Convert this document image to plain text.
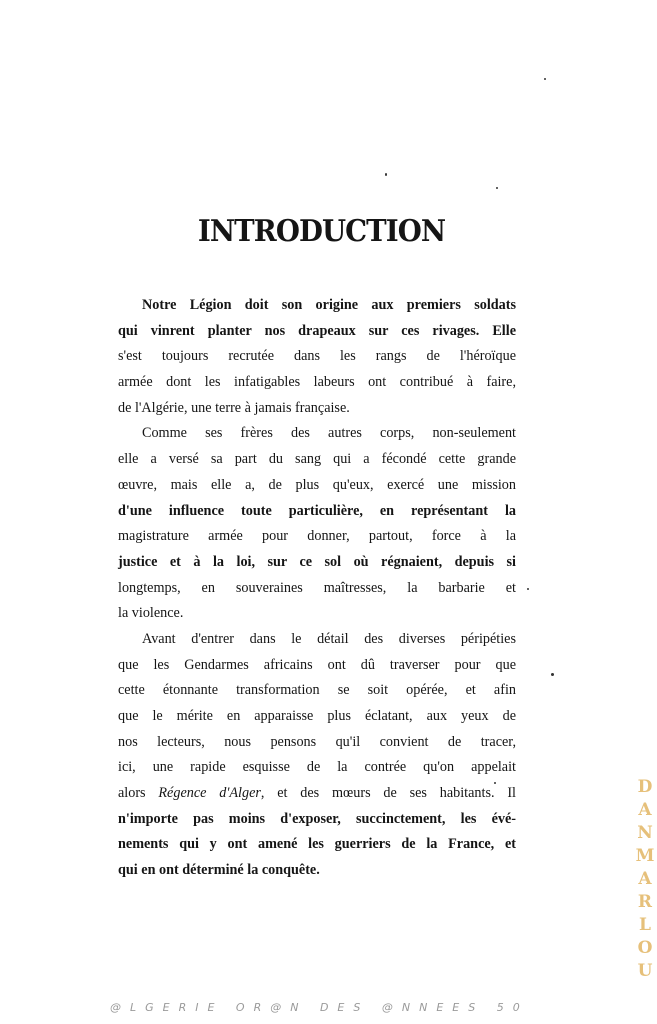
INTRODUCTION
Notre Légion doit son origine aux premiers soldats
qui vinrent planter nos drapeaux sur ces rivages. Elle
s'est toujours recrutée dans les rangs de l'héroïque
armée dont les infatigables labeurs ont contribué à faire,
de l'Algérie, une terre à jamais française.
Comme ses frères des autres corps, non-seulement
elle a versé sa part du sang qui a fécondé cette grande
œuvre, mais elle a, de plus qu'eux, exercé une mission
d'une influence toute particulière, en représentant la
magistrature armée pour donner, partout, force à la
justice et à la loi, sur ce sol où régnaient, depuis si
longtemps, en souveraines maîtresses, la barbarie et
la violence.
Avant d'entrer dans le détail des diverses péripéties
que les Gendarmes africains ont dû traverser pour que
cette étonnante transformation se soit opérée, et afin
que le mérite en apparaisse plus éclatant, aux yeux de
nos lecteurs, nous pensons qu'il convient de tracer,
ici, une rapide esquisse de la contrée qu'on appelait
alors Régence d'Alger, et des mœurs de ses habitants. Il
n'importe pas moins d'exposer, succinctement, les évé-
nements qui y ont amené les guerriers de la France, et
qui en ont déterminé la conquête.
DANMARLOU
@LGERIE OR@N DES @NNEES 50
